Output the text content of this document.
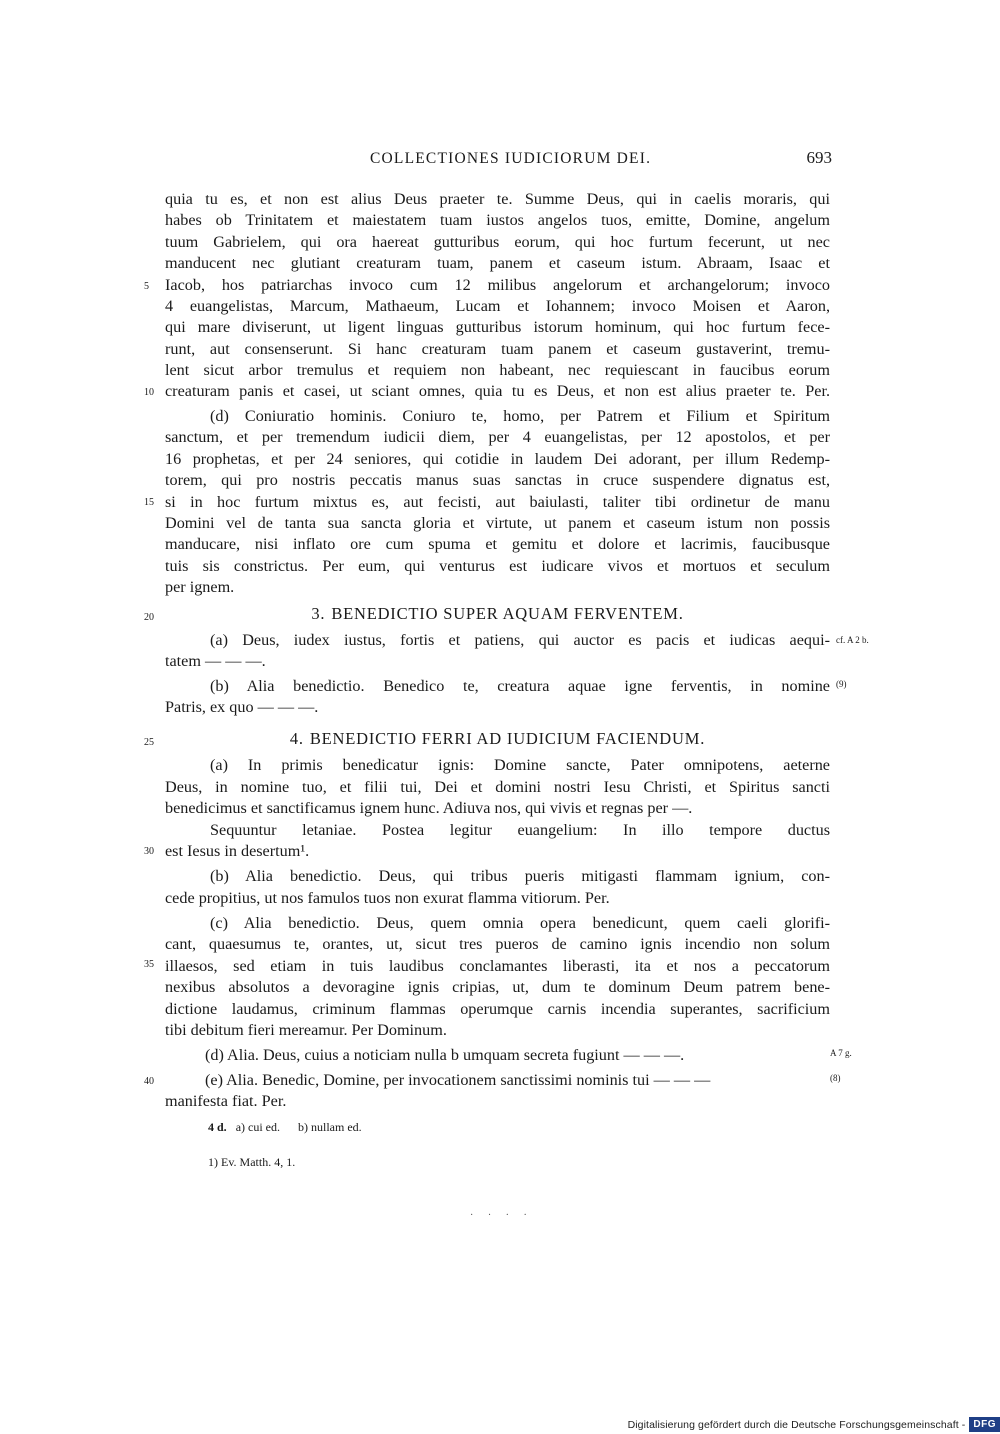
COLLECTIONES IUDICIORUM DEI.	693
quia tu es, et non est alius Deus praeter te. Summe Deus, qui in caelis moraris, qui
habes ob Trinitatem et maiestatem tuam iustos angelos tuos, emitte, Domine, angelum
tuum Gabrielem, qui ora haereat gutturibus eorum, qui hoc furtum fecerunt, ut nec
manducent nec glutiant creaturam tuam, panem et caseum istum. Abraam, Isaac et
Iacob, hos patriarchas invoco cum 12 milibus angelorum et archangelorum; invoco
4 euangelistas, Marcum, Mathaeum, Lucam et Iohannem; invoco Moisen et Aaron,
qui mare diviserunt, ut ligent linguas gutturibus istorum hominum, qui hoc furtum fece-
runt, aut consenserunt. Si hanc creaturam tuam panem et caseum gustaverint, tremu-
lent sicut arbor tremulus et requiem non habeant, nec requiescant in faucibus eorum
creaturam panis et casei, ut sciant omnes, quia tu es Deus, et non est alius praeter te. Per.
(d) Coniuratio hominis. Coniuro te, homo, per Patrem et Filium et Spiritum
sanctum, et per tremendum iudicii diem, per 4 euangelistas, per 12 apostolos, et per
16 prophetas, et per 24 seniores, qui cotidie in laudem Dei adorant, per illum Redemp-
torem, qui pro nostris peccatis manus suas sanctas in cruce suspendere dignatus est,
si in hoc furtum mixtus es, aut fecisti, aut baiulasti, taliter tibi ordinetur de manu
Domini vel de tanta sua sancta gloria et virtute, ut panem et caseum istum non possis
manducare, nisi inflato ore cum spuma et gemitu et dolore et lacrimis, faucibusque
tuis sis constrictus. Per eum, qui venturus est iudicare vivos et mortuos et seculum
per ignem.
3. BENEDICTIO SUPER AQUAM FERVENTEM.
(a) Deus, iudex iustus, fortis et patiens, qui auctor es pacis et iudicas aequi- cf. A 2 b.
tatem — — —.
(b) Alia benedictio. Benedico te, creatura aquae igne ferventis, in nomine (9)
Patris, ex quo — — —.
4. BENEDICTIO FERRI AD IUDICIUM FACIENDUM.
(a) In primis benedicatur ignis: Domine sancte, Pater omnipotens, aeterne
Deus, in nomine tuo, et filii tui, Dei et domini nostri Iesu Christi, et Spiritus sancti
benedicimus et sanctificamus ignem hunc. Adiuva nos, qui vivis et regnas per —.
Sequuntur letaniae. Postea legitur euangelium: In illo tempore ductus
est Iesus in desertum¹.
(b) Alia benedictio. Deus, qui tribus pueris mitigasti flammam ignium, con-
cede propitius, ut nos famulos tuos non exurat flamma vitiorum. Per.
(c) Alia benedictio. Deus, quem omnia opera benedicunt, quem caeli glorifi-
cant, quaesumus te, orantes, ut, sicut tres pueros de camino ignis incendio non solum
illaesos, sed etiam in tuis laudibus conclamantes liberasti, ita et nos a peccatorum
nexibus absolutos a devoragine ignis cripias, ut, dum te dominum Deum patrem bene-
dictione laudamus, criminum flammas operumque carnis incendia superantes, sacrificium
tibi debitum fieri mereamur. Per Dominum.
(d) Alia. Deus, cuius a noticiam nulla b umquam secreta fugiunt — — —.	A 7 g.
(e) Alia. Benedic, Domine, per invocationem sanctissimi nominis tui — — —	(8)
manifesta fiat. Per.
5
10
15
20
25
30
35
40
4 d. a) cui ed. b) nullam ed.
1) Ev. Matth. 4, 1.
· · · ·
Digitalisierung gefördert durch die Deutsche Forschungsgemeinschaft - DFG
